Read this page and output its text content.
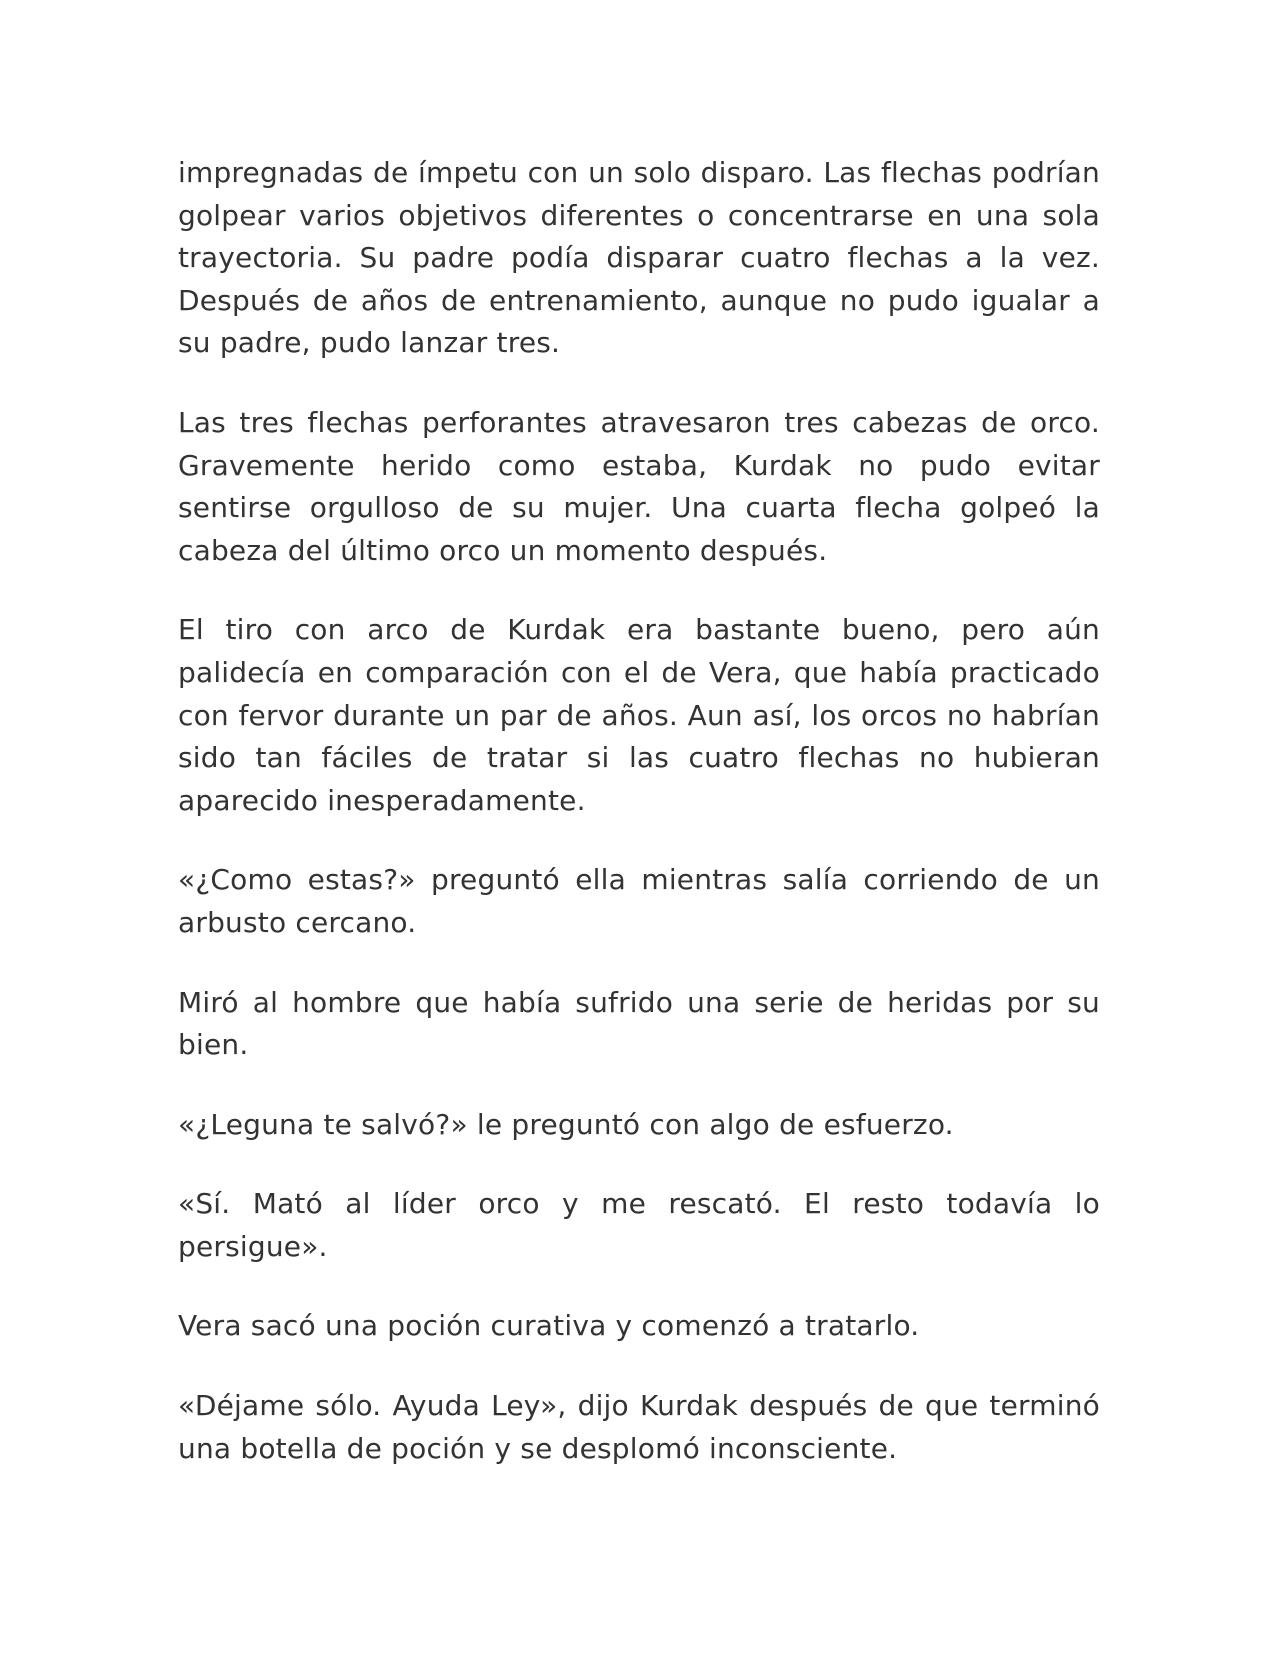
impregnadas de ímpetu con un solo disparo. Las flechas podrían golpear varios objetivos diferentes o concentrarse en una sola trayectoria. Su padre podía disparar cuatro flechas a la vez. Después de años de entrenamiento, aunque no pudo igualar a su padre, pudo lanzar tres.

Las tres flechas perforantes atravesaron tres cabezas de orco. Gravemente herido como estaba, Kurdak no pudo evitar sentirse orgulloso de su mujer. Una cuarta flecha golpeó la cabeza del último orco un momento después.

El tiro con arco de Kurdak era bastante bueno, pero aún palidecía en comparación con el de Vera, que había practicado con fervor durante un par de años. Aun así, los orcos no habrían sido tan fáciles de tratar si las cuatro flechas no hubieran aparecido inesperadamente.

«¿Como estas?» preguntó ella mientras salía corriendo de un arbusto cercano.

Miró al hombre que había sufrido una serie de heridas por su bien.

«¿Leguna te salvó?» le preguntó con algo de esfuerzo.

«Sí. Mató al líder orco y me rescató. El resto todavía lo persigue».

Vera sacó una poción curativa y comenzó a tratarlo.

«Déjame sólo. Ayuda Ley», dijo Kurdak después de que terminó una botella de poción y se desplomó inconsciente.
